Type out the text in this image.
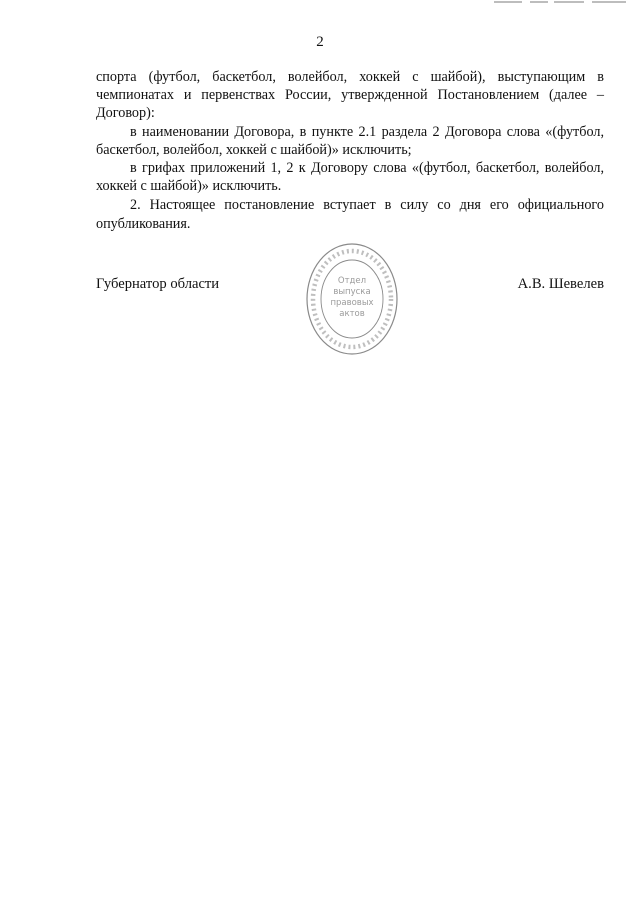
2

спорта (футбол, баскетбол, волейбол, хоккей с шайбой), выступающим в чемпионатах и первенствах России, утвержденной Постановлением (далее – Договор):

в наименовании Договора, в пункте 2.1 раздела 2 Договора слова «(футбол, баскетбол, волейбол, хоккей с шайбой)» исключить;

в грифах приложений 1, 2 к Договору слова «(футбол, баскетбол, волейбол, хоккей с шайбой)» исключить.

2. Настоящее постановление вступает в силу со дня его официального опубликования.

Губернатор области	А.В. Шевелев
Отдел
выпуска
правовых
актов
